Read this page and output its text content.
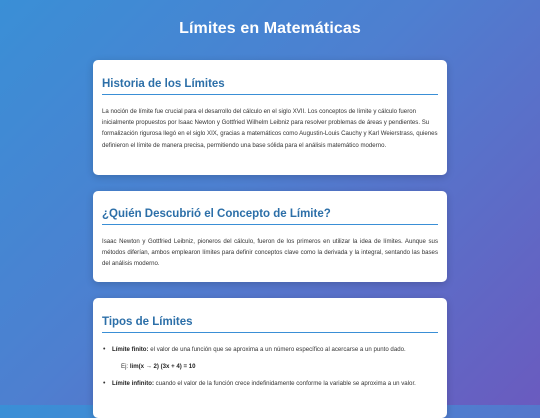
Límites en Matemáticas
Historia de los Límites

La noción de límite fue crucial para el desarrollo del cálculo en el siglo XVII. Los conceptos de límite y cálculo fueron inicialmente propuestos por Isaac Newton y Gottfried Wilhelm Leibniz para resolver problemas de áreas y pendientes. Su formalización rigurosa llegó en el siglo XIX, gracias a matemáticos como Augustin-Louis Cauchy y Karl Weierstrass, quienes definieron el límite de manera precisa, permitiendo una base sólida para el análisis matemático moderno.

¿Quién Descubrió el Concepto de Límite?

Isaac Newton y Gottfried Leibniz, pioneros del cálculo, fueron de los primeros en utilizar la idea de límites. Aunque sus métodos diferían, ambos emplearon límites para definir conceptos clave como la derivada y la integral, sentando las bases del análisis moderno.

Tipos de Límites
• Límite finito: el valor de una función que se aproxima a un número específico al acercarse a un punto dado.
Ej: lim(x → 2) (3x + 4) = 10
• Límite infinito: cuando el valor de la función crece indefinidamente conforme la variable se aproxima a un valor.
